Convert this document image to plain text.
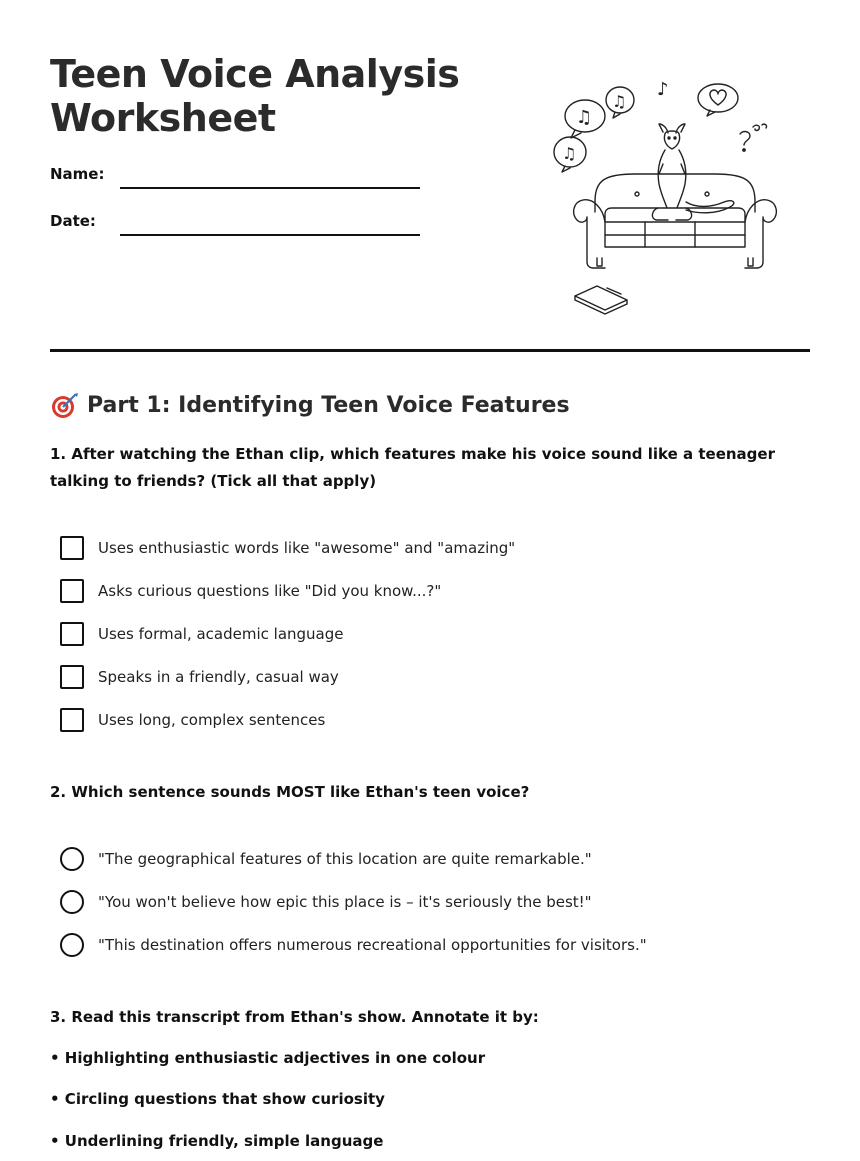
Teen Voice Analysis Worksheet
Name:
Date:
♫
♫
♫
♪
Part 1: Identifying Teen Voice Features

1. After watching the Ethan clip, which features make his voice sound like a teenager talking to friends? (Tick all that apply)

Uses enthusiastic words like "awesome" and "amazing"
Asks curious questions like "Did you know...?"
Uses formal, academic language
Speaks in a friendly, casual way
Uses long, complex sentences

2. Which sentence sounds MOST like Ethan's teen voice?

"The geographical features of this location are quite remarkable."
"You won't believe how epic this place is – it's seriously the best!"
"This destination offers numerous recreational opportunities for visitors."

3. Read this transcript from Ethan's show. Annotate it by:

• Highlighting enthusiastic adjectives in one colour

• Circling questions that show curiosity

• Underlining friendly, simple language
